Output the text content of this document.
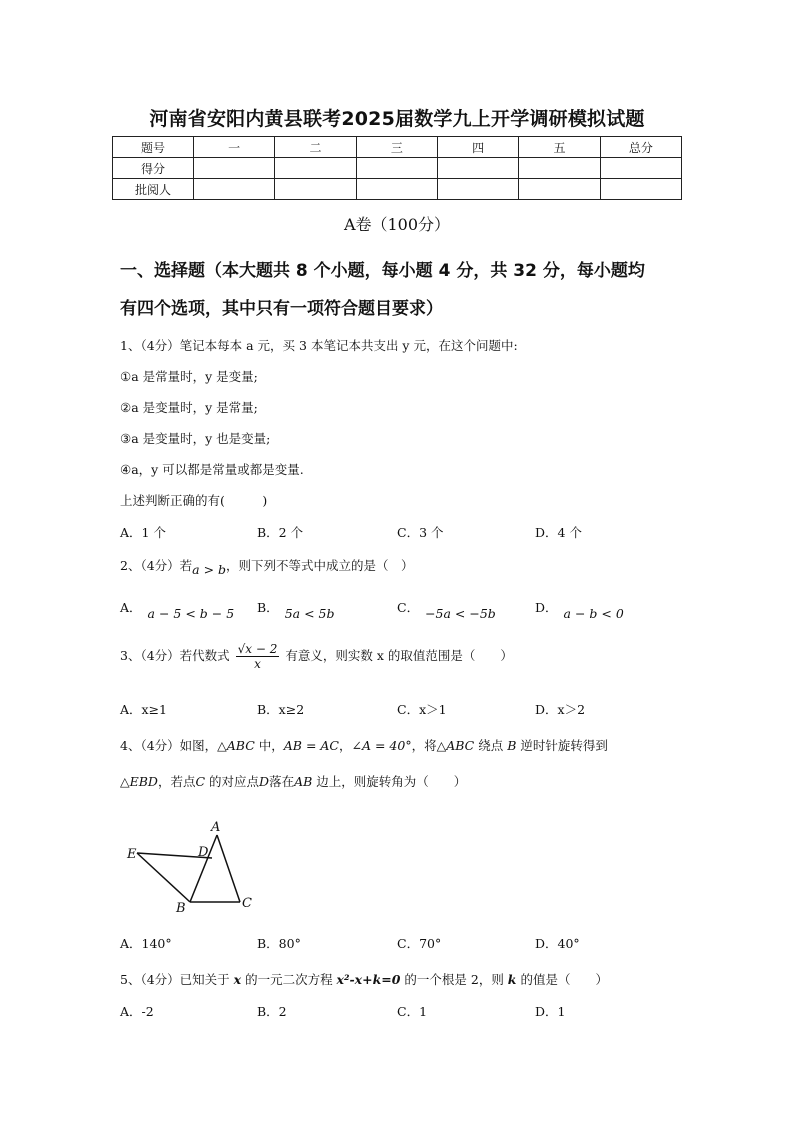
河南省安阳内黄县联考2025届数学九上开学调研模拟试题
题号	一	二	三	四	五	总分
得分						
批阅人						
A卷（100分）
一、选择题（本大题共 8 个小题，每小题 4 分，共 32 分，每小题均
有四个选项，其中只有一项符合题目要求）
1、（4分）笔记本每本 a 元，买 3 本笔记本共支出 y 元，在这个问题中:
①a 是常量时，y 是变量;
②a 是变量时，y 是常量;
③a 是变量时，y 也是变量;
④a，y 可以都是常量或都是变量.
上述判断正确的有(　　　)
A．1 个	B．2 个	C．3 个	D．4 个
2、（4分）若a > b，则下列不等式中成立的是（　）
A． a − 5 < b − 5 B． 5a < 5b	C． −5a < −5b	D． a − b < 0
3、（4分）若代数式 $\frac{√x - 2}{x}$ 有意义，则实数 x 的取值范围是（　　）
A．x≥1	B．x≥2	C．x＞1	D．x＞2
4、（4分）如图，△ABC 中，AB = AC，∠A = 40°，将△ABC 绕点 B 逆时针旋转得到
△EBD，若点C 的对应点D落在AB 边上，则旋转角为（　　）
A
D
E
B	C
A．140°	B．80°	C．70°	D．40°
5、（4分）已知关于 x 的一元二次方程 x²-x+k=0 的一个根是 2，则 k 的值是（　　）
A．-2	B．2	C．1	D．1
